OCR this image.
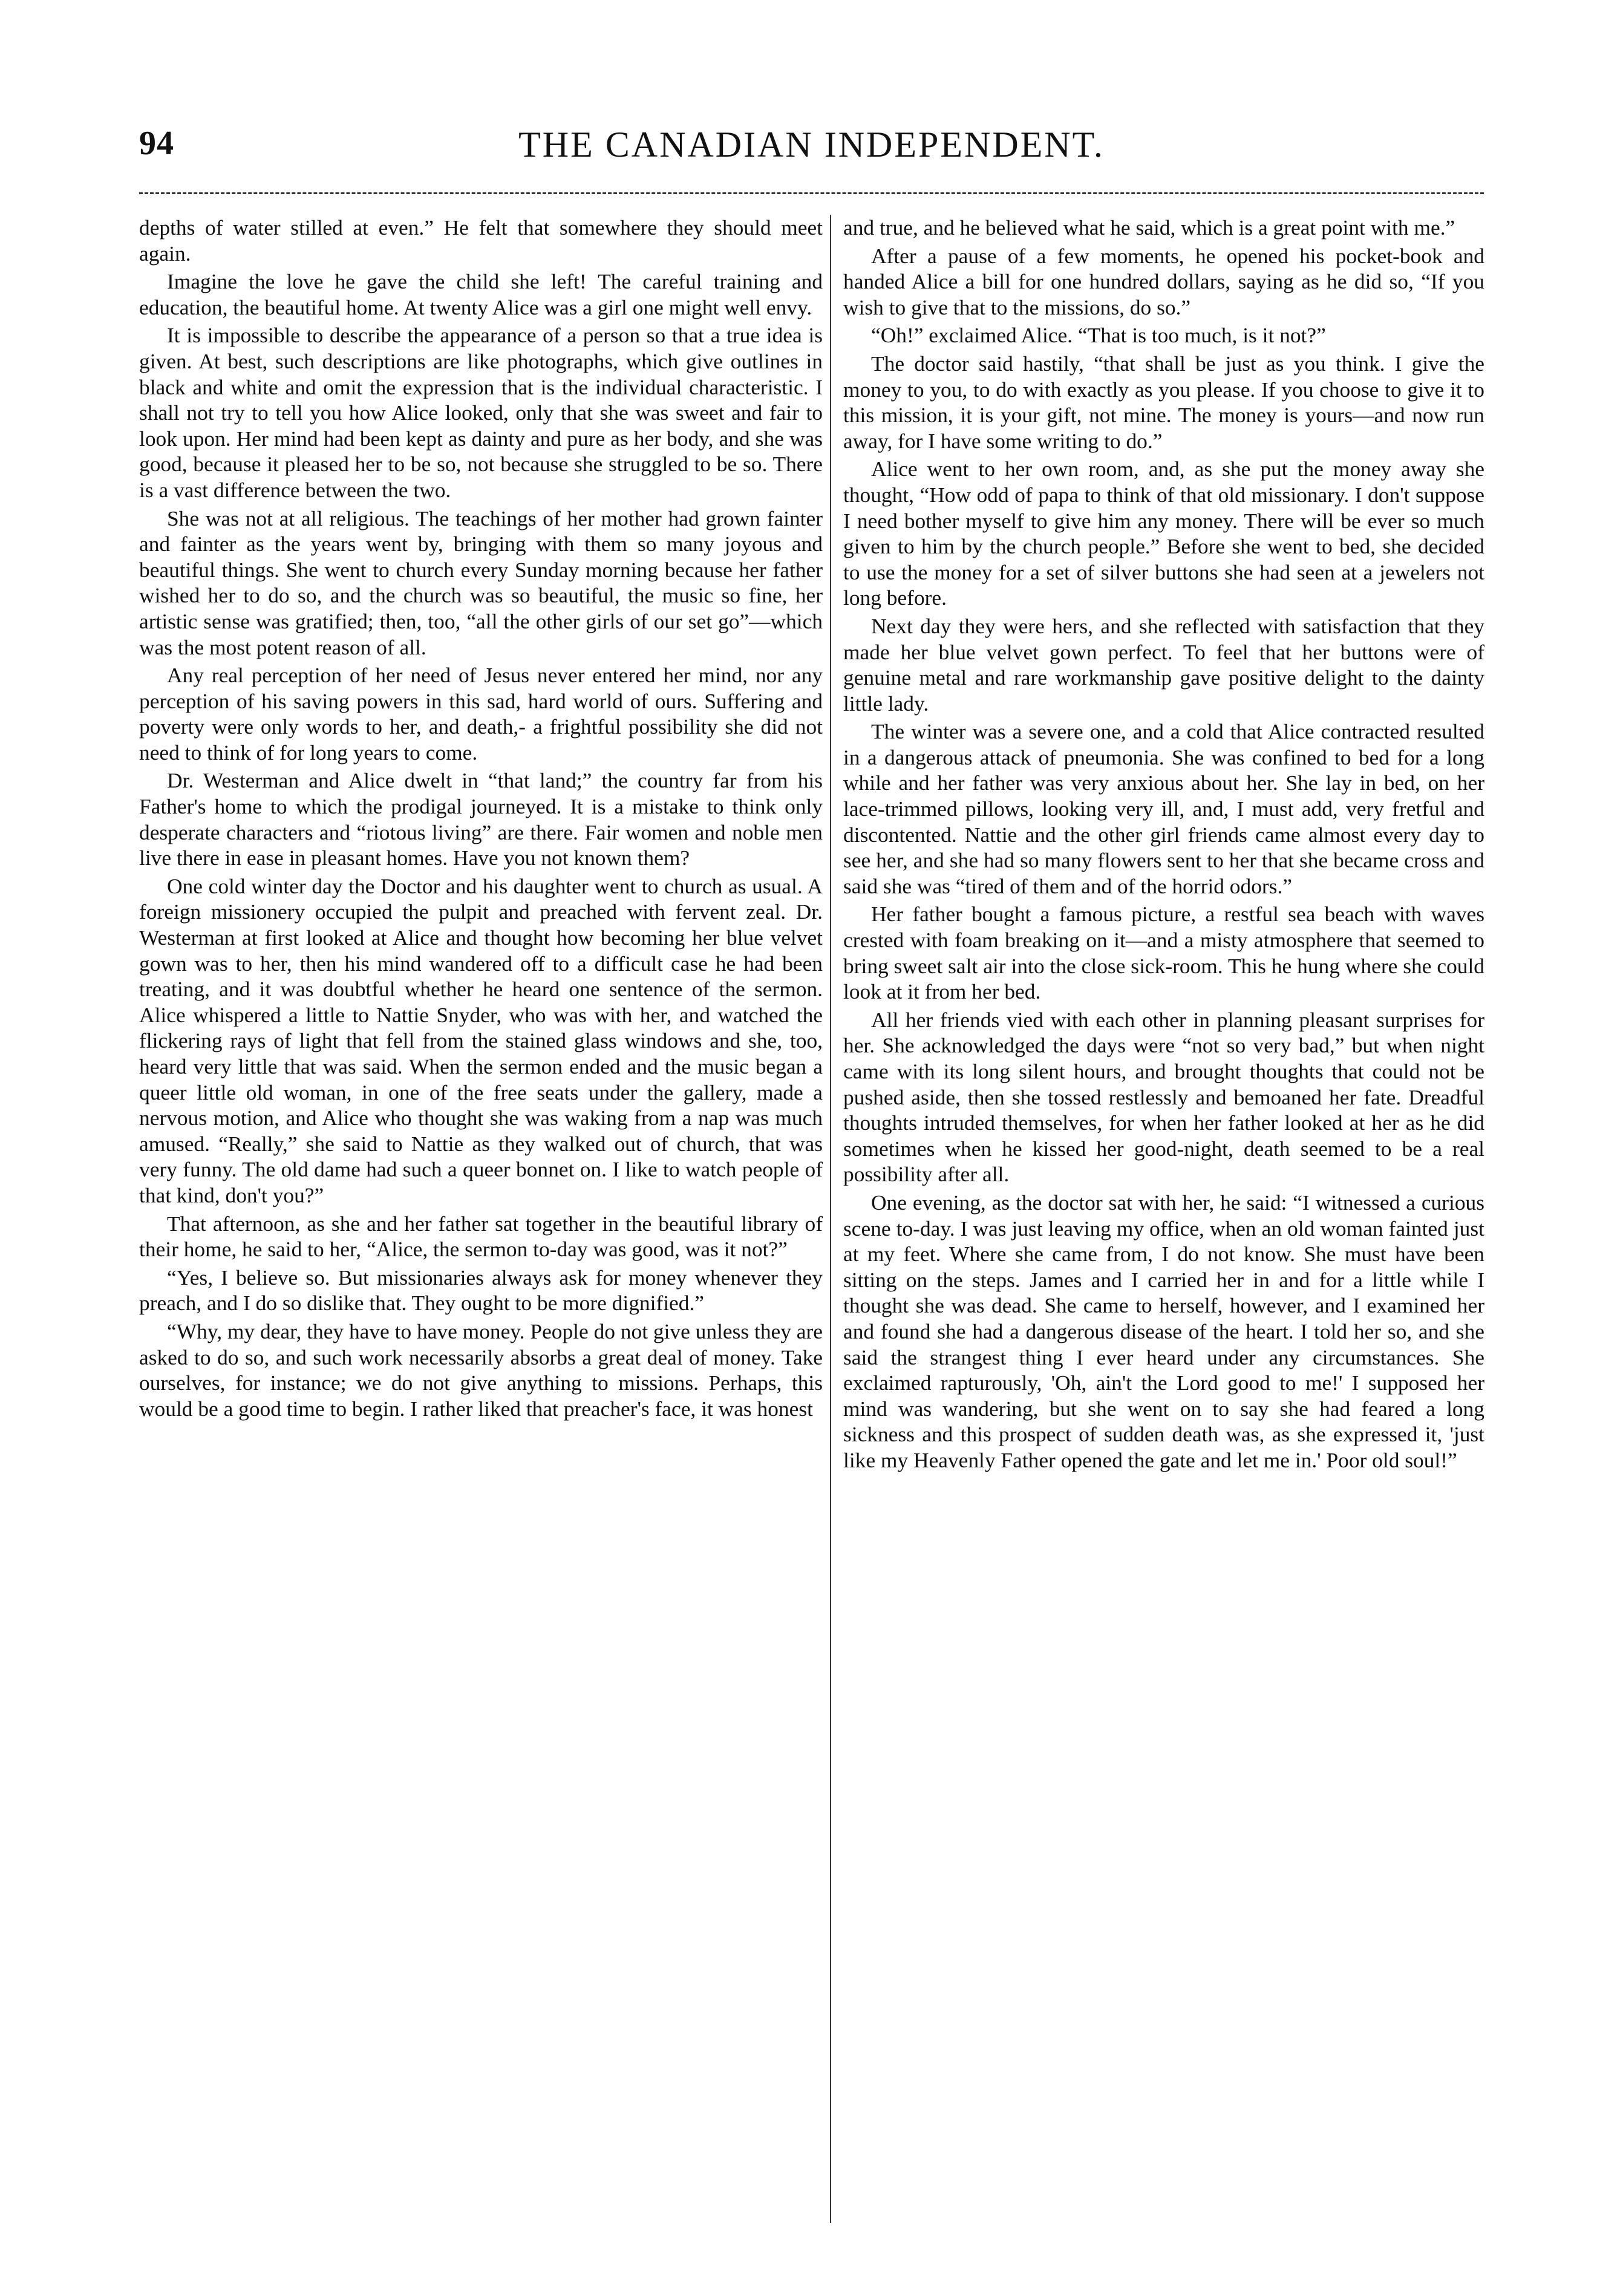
94	THE CANADIAN INDEPENDENT.

depths of water stilled at even.” He felt that somewhere they should meet again.

Imagine the love he gave the child she left! The careful training and education, the beautiful home. At twenty Alice was a girl one might well envy.

It is impossible to describe the appearance of a person so that a true idea is given. At best, such descriptions are like photographs, which give outlines in black and white and omit the expression that is the individual characteristic. I shall not try to tell you how Alice looked, only that she was sweet and fair to look upon. Her mind had been kept as dainty and pure as her body, and she was good, because it pleased her to be so, not because she struggled to be so. There is a vast difference between the two.

She was not at all religious. The teachings of her mother had grown fainter and fainter as the years went by, bringing with them so many joyous and beautiful things. She went to church every Sunday morning because her father wished her to do so, and the church was so beautiful, the music so fine, her artistic sense was gratified; then, too, “all the other girls of our set go”—which was the most potent reason of all.

Any real perception of her need of Jesus never entered her mind, nor any perception of his saving powers in this sad, hard world of ours. Suffering and poverty were only words to her, and death,- a frightful possibility she did not need to think of for long years to come.

Dr. Westerman and Alice dwelt in “that land;” the country far from his Father's home to which the prodigal journeyed. It is a mistake to think only desperate characters and “riotous living” are there. Fair women and noble men live there in ease in pleasant homes. Have you not known them?

One cold winter day the Doctor and his daughter went to church as usual. A foreign missionery occupied the pulpit and preached with fervent zeal. Dr. Westerman at first looked at Alice and thought how becoming her blue velvet gown was to her, then his mind wandered off to a difficult case he had been treating, and it was doubtful whether he heard one sentence of the sermon. Alice whispered a little to Nattie Snyder, who was with her, and watched the flickering rays of light that fell from the stained glass windows and she, too, heard very little that was said. When the sermon ended and the music began a queer little old woman, in one of the free seats under the gallery, made a nervous motion, and Alice who thought she was waking from a nap was much amused. “Really,” she said to Nattie as they walked out of church, that was very funny. The old dame had such a queer bonnet on. I like to watch people of that kind, don't you?”

That afternoon, as she and her father sat together in the beautiful library of their home, he said to her, “Alice, the sermon to-day was good, was it not?”

“Yes, I believe so. But missionaries always ask for money whenever they preach, and I do so dislike that. They ought to be more dignified.”

“Why, my dear, they have to have money. People do not give unless they are asked to do so, and such work necessarily absorbs a great deal of money. Take ourselves, for instance; we do not give anything to missions. Perhaps, this would be a good time to begin. I rather liked that preacher's face, it was honest

and true, and he believed what he said, which is a great point with me.”

After a pause of a few moments, he opened his pocket-book and handed Alice a bill for one hundred dollars, saying as he did so, “If you wish to give that to the missions, do so.”

“Oh!” exclaimed Alice. “That is too much, is it not?”

The doctor said hastily, “that shall be just as you think. I give the money to you, to do with exactly as you please. If you choose to give it to this mission, it is your gift, not mine. The money is yours—and now run away, for I have some writing to do.”

Alice went to her own room, and, as she put the money away she thought, “How odd of papa to think of that old missionary. I don't suppose I need bother myself to give him any money. There will be ever so much given to him by the church people.” Before she went to bed, she decided to use the money for a set of silver buttons she had seen at a jewelers not long before.

Next day they were hers, and she reflected with satisfaction that they made her blue velvet gown perfect. To feel that her buttons were of genuine metal and rare workmanship gave positive delight to the dainty little lady.

The winter was a severe one, and a cold that Alice contracted resulted in a dangerous attack of pneumonia. She was confined to bed for a long while and her father was very anxious about her. She lay in bed, on her lace-trimmed pillows, looking very ill, and, I must add, very fretful and discontented. Nattie and the other girl friends came almost every day to see her, and she had so many flowers sent to her that she became cross and said she was “tired of them and of the horrid odors.”

Her father bought a famous picture, a restful sea beach with waves crested with foam breaking on it—and a misty atmosphere that seemed to bring sweet salt air into the close sick-room. This he hung where she could look at it from her bed.

All her friends vied with each other in planning pleasant surprises for her. She acknowledged the days were “not so very bad,” but when night came with its long silent hours, and brought thoughts that could not be pushed aside, then she tossed restlessly and bemoaned her fate. Dreadful thoughts intruded themselves, for when her father looked at her as he did sometimes when he kissed her good-night, death seemed to be a real possibility after all.

One evening, as the doctor sat with her, he said: “I witnessed a curious scene to-day. I was just leaving my office, when an old woman fainted just at my feet. Where she came from, I do not know. She must have been sitting on the steps. James and I carried her in and for a little while I thought she was dead. She came to herself, however, and I examined her and found she had a dangerous disease of the heart. I told her so, and she said the strangest thing I ever heard under any circumstances. She exclaimed rapturously, 'Oh, ain't the Lord good to me!' I supposed her mind was wandering, but she went on to say she had feared a long sickness and this prospect of sudden death was, as she expressed it, 'just like my Heavenly Father opened the gate and let me in.' Poor old soul!”
